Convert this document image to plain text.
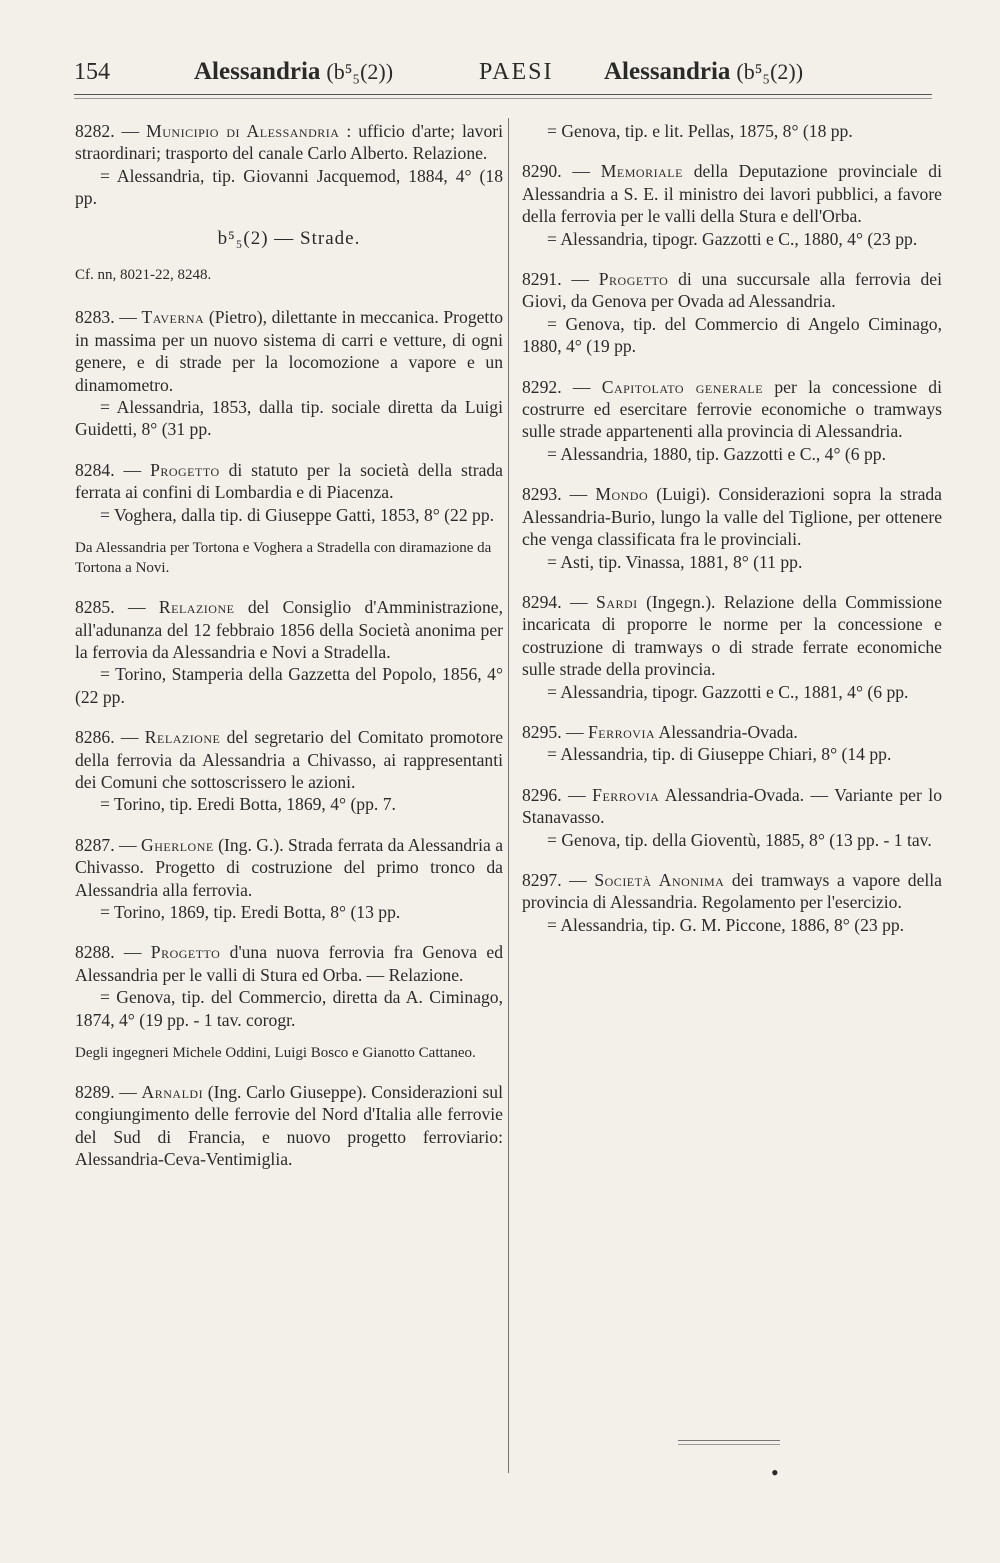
154	Alessandria (b⁵₅(2))	PAESI Alessandria (b⁵₅(2))
8282. — Municipio di Alessandria : ufficio d'arte; lavori straordinari; trasporto del canale Carlo Alberto. Relazione.
= Alessandria, tip. Giovanni Jacquemod, 1884, 4° (18 pp.
b⁵₅(2) — Strade.
Cf. nn, 8021-22, 8248.
8283. — Taverna (Pietro), dilettante in meccanica. Progetto in massima per un nuovo sistema di carri e vetture, di ogni genere, e di strade per la locomozione a vapore e un dinamometro.
= Alessandria, 1853, dalla tip. sociale diretta da Luigi Guidetti, 8° (31 pp.
8284. — Progetto di statuto per la società della strada ferrata ai confini di Lombardia e di Piacenza.
= Voghera, dalla tip. di Giuseppe Gatti, 1853, 8° (22 pp.
Da Alessandria per Tortona e Voghera a Stradella con diramazione da Tortona a Novi.
8285. — Relazione del Consiglio d'Amministrazione, all'adunanza del 12 febbraio 1856 della Società anonima per la ferrovia da Alessandria e Novi a Stradella.
= Torino, Stamperia della Gazzetta del Popolo, 1856, 4° (22 pp.
8286. — Relazione del segretario del Comitato promotore della ferrovia da Alessandria a Chivasso, ai rappresentanti dei Comuni che sottoscrissero le azioni.
= Torino, tip. Eredi Botta, 1869, 4° (pp. 7.
8287. — Gherlone (Ing. G.). Strada ferrata da Alessandria a Chivasso. Progetto di costruzione del primo tronco da Alessandria alla ferrovia.
= Torino, 1869, tip. Eredi Botta, 8° (13 pp.
8288. — Progetto d'una nuova ferrovia fra Genova ed Alessandria per le valli di Stura ed Orba. — Relazione.
= Genova, tip. del Commercio, diretta da A. Ciminago, 1874, 4° (19 pp. - 1 tav. corogr.
Degli ingegneri Michele Oddini, Luigi Bosco e Gianotto Cattaneo.
8289. — Arnaldi (Ing. Carlo Giuseppe). Considerazioni sul congiungimento delle ferrovie del Nord d'Italia alle ferrovie del Sud di Francia, e nuovo progetto ferroviario: Alessandria-Ceva-Ventimiglia.
= Genova, tip. e lit. Pellas, 1875, 8° (18 pp.
8290. — Memoriale della Deputazione provinciale di Alessandria a S. E. il ministro dei lavori pubblici, a favore della ferrovia per le valli della Stura e dell'Orba.
= Alessandria, tipogr. Gazzotti e C., 1880, 4° (23 pp.
8291. — Progetto di una succursale alla ferrovia dei Giovi, da Genova per Ovada ad Alessandria.
= Genova, tip. del Commercio di Angelo Ciminago, 1880, 4° (19 pp.
8292. — Capitolato generale per la concessione di costrurre ed esercitare ferrovie economiche o tramways sulle strade appartenenti alla provincia di Alessandria.
= Alessandria, 1880, tip. Gazzotti e C., 4° (6 pp.
8293. — Mondo (Luigi). Considerazioni sopra la strada Alessandria-Burio, lungo la valle del Tiglione, per ottenere che venga classificata fra le provinciali.
= Asti, tip. Vinassa, 1881, 8° (11 pp.
8294. — Sardi (Ingegn.). Relazione della Commissione incaricata di proporre le norme per la concessione e costruzione di tramways o di strade ferrate economiche sulle strade della provincia.
= Alessandria, tipogr. Gazzotti e C., 1881, 4° (6 pp.
8295. — Ferrovia Alessandria-Ovada.
= Alessandria, tip. di Giuseppe Chiari, 8° (14 pp.
8296. — Ferrovia Alessandria-Ovada. — Variante per lo Stanavasso.
= Genova, tip. della Gioventù, 1885, 8° (13 pp. - 1 tav.
8297. — Società Anonima dei tramways a vapore della provincia di Alessandria. Regolamento per l'esercizio.
= Alessandria, tip. G. M. Piccone, 1886, 8° (23 pp.
•
